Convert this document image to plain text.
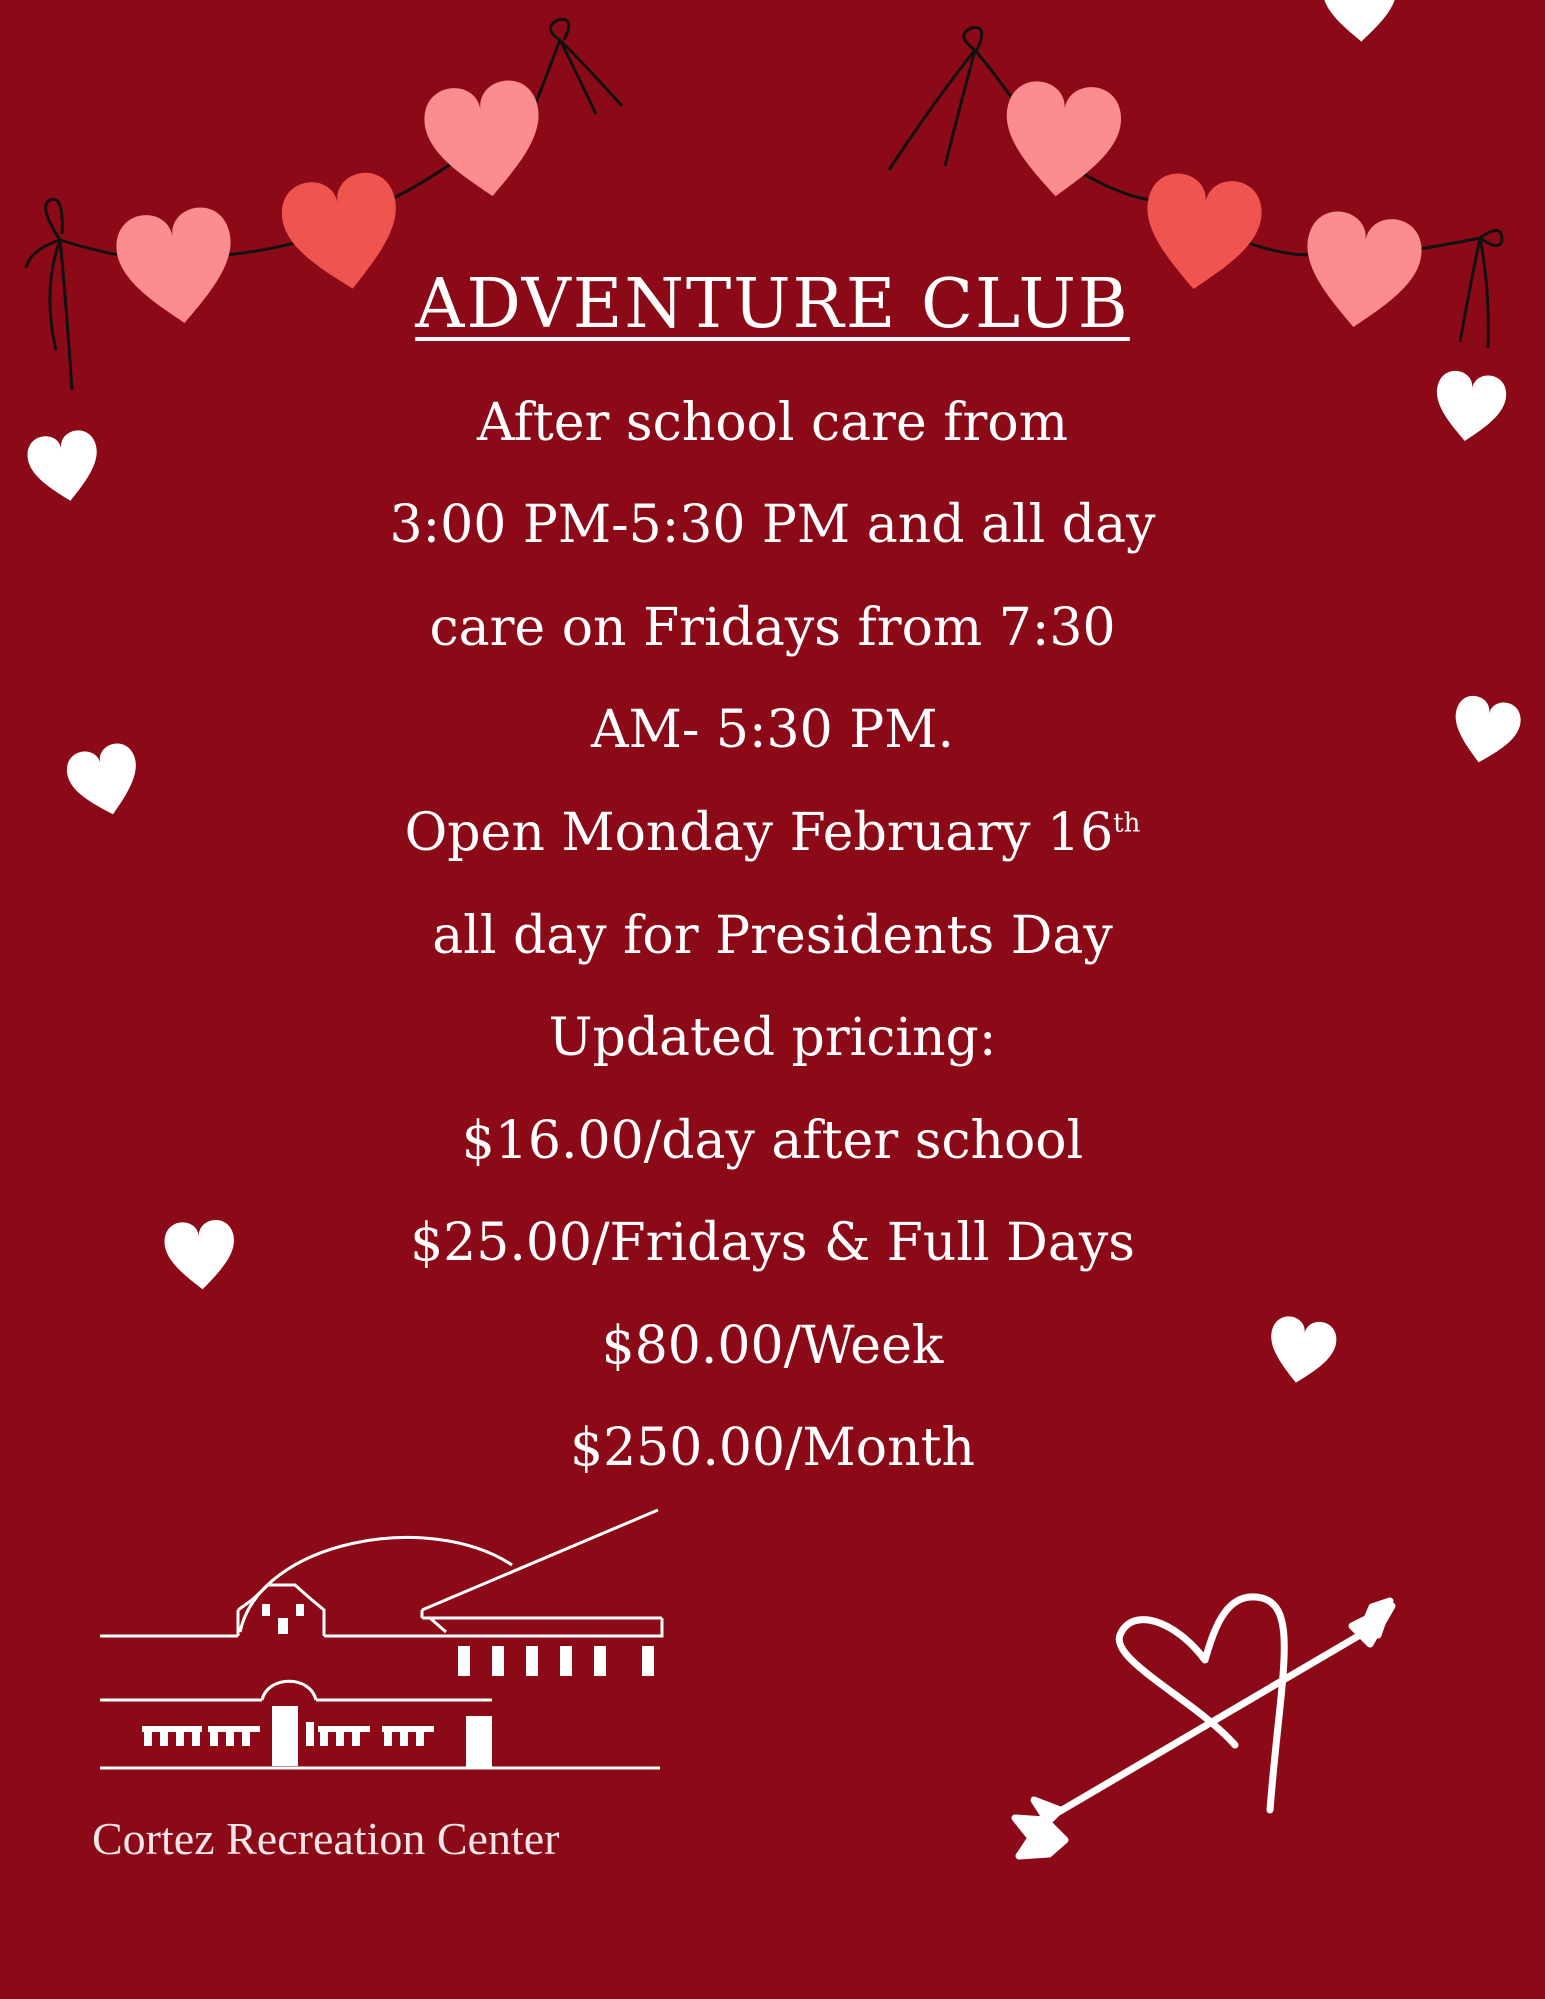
ADVENTURE CLUB

After school care from

3:00 PM-5:30 PM and all day

care on Fridays from 7:30

AM- 5:30 PM.

Open Monday February 16th

all day for Presidents Day

Updated pricing:

$16.00/day after school

$25.00/Fridays & Full Days

$80.00/Week

$250.00/Month

Cortez Recreation Center
